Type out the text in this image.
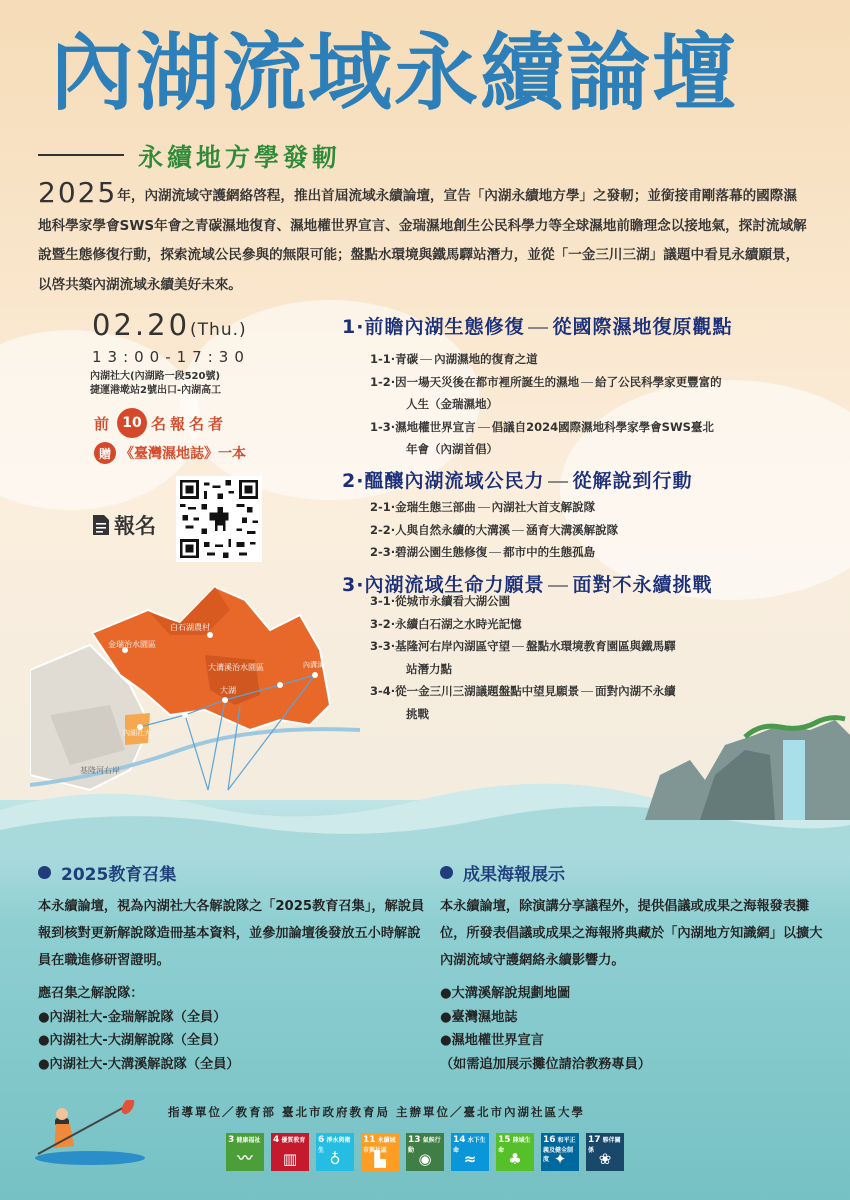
內湖流域永續論壇
永續地方學發軔
2025年，內湖流域守護網絡啓程，推出首屆流域永續論壇，宣告「內湖永續地方學」之發軔；並銜接甫剛落幕的國際濕地科學家學會SWS年會之青碳濕地復育、濕地權世界宣言、金瑞濕地創生公民科學力等全球濕地前瞻理念以接地氣，探討流域解說暨生態修復行動，探索流域公民參與的無限可能；盤點水環境與鐵馬驛站潛力，並從「一金三川三湖」議題中看見永續願景，以啓共築內湖流域永續美好未來。
02.20(Thu.)
13:00-17:30
內湖社大(內湖路一段520號)
捷運港墘站2號出口-內湖高工
前 10 名報名者
贈 《臺灣濕地誌》一本
報名
白石湖農村
金瑞治水園區
大溝溪治水園區	內溝溪
大湖
內湖社大
基隆河右岸
1·前瞻內湖生態修復 從國際濕地復原觀點
1-1·青碳 內湖濕地的復育之道
1-2·因一場天災後在都市裡所誕生的濕地 給了公民科學家更豐富的
人生（金瑞濕地）
1-3·濕地權世界宣言 倡議自2024國際濕地科學家學會SWS臺北
年會（內湖首倡）
2·醞釀內湖流域公民力 從解說到行動
2-1·金瑞生態三部曲 內湖社大首支解說隊
2-2·人與自然永續的大溝溪 涵育大溝溪解說隊
2-3·碧湖公園生態修復 都市中的生態孤島
3·內湖流域生命力願景 面對不永續挑戰
3-1·從城市永續看大湖公園
3-2·永續白石湖之水時光記憶
3-3·基隆河右岸內湖區守望 盤點水環境教育園區與鐵馬驛
站潛力點
3-4·從一金三川三湖議題盤點中望見願景 面對內湖不永續
挑戰
2025教育召集
本永續論壇，視為內湖社大各解說隊之「2025教育召集」，解說員報到核對更新解說隊造冊基本資料，並參加論壇後發放五小時解說員在職進修研習證明。
應召集之解說隊：
●內湖社大-金瑞解說隊（全員）
●內湖社大-大湖解說隊（全員）
●內湖社大-大溝溪解說隊（全員）
成果海報展示
本永續論壇，除演講分享議程外，提供倡議或成果之海報發表攤位，所發表倡議或成果之海報將典藏於「內湖地方知識網」以擴大內湖流域守護網絡永續影響力。
●大溝溪解說規劃地圖
●臺灣濕地誌
●濕地權世界宣言
（如需追加展示攤位請洽教務專員）
指導單位／教育部 臺北市政府教育局 主辦單位／臺北市內湖社區大學
3 健康福祉
〰
4 優質教育
▥
6 淨水與衛生 ♁
11 永續城市與社區
▙
13 氣候行動 ◉
14 水下生命 ≈
15 陸域生命 ♣
16 和平正義及健全制度 ✦
17 夥伴關係 ❀
